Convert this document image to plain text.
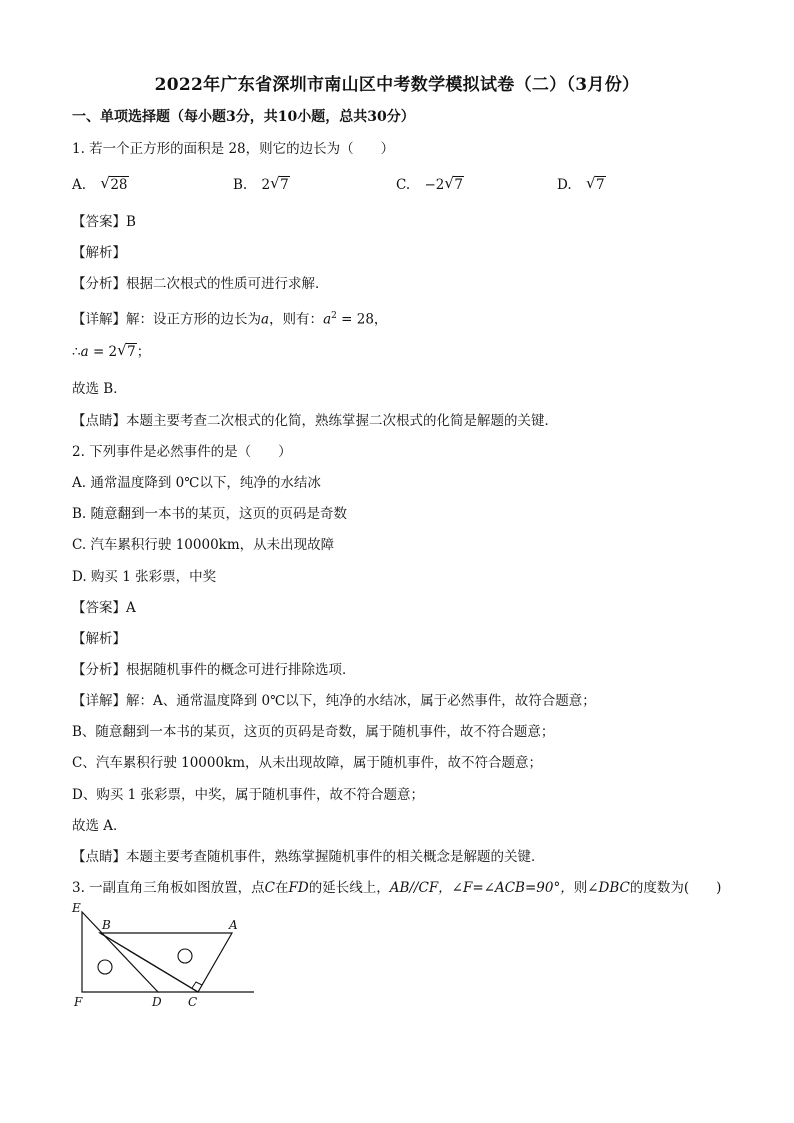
2022年广东省深圳市南山区中考数学模拟试卷（二）（3月份）
一、单项选择题（每小题3分，共10小题，总共30分）
1. 若一个正方形的面积是 28，则它的边长为（　　）
A. √ 28	B. 2 √ 7	C. −2 √ 7	D. √ 7
【答案】B
【解析】
【分析】根据二次根式的性质可进行求解．
【详解】解：设正方形的边长为a，则有：$a^2 = 28$，
∴a = 2 √ 7；
故选 B．
【点睛】本题主要考查二次根式的化简，熟练掌握二次根式的化简是解题的关键．
2. 下列事件是必然事件的是（　　）
A. 通常温度降到 0℃以下，纯净的水结冰
B. 随意翻到一本书的某页，这页的页码是奇数
C. 汽车累积行驶 10000km，从未出现故障
D. 购买 1 张彩票，中奖
【答案】A
【解析】
【分析】根据随机事件的概念可进行排除选项．
【详解】解：A、通常温度降到 0℃以下，纯净的水结冰，属于必然事件，故符合题意；
B、随意翻到一本书的某页，这页的页码是奇数，属于随机事件，故不符合题意；
C、汽车累积行驶 10000km，从未出现故障，属于随机事件，故不符合题意；
D、购买 1 张彩票，中奖，属于随机事件，故不符合题意；
故选 A．
【点睛】本题主要考查随机事件，熟练掌握随机事件的相关概念是解题的关键．
3. 一副直角三角板如图放置，点C在FD的延长线上，AB//CF，∠F=∠ACB=90°，则∠DBC的度数为(　　)
E
B	A
F	D C
